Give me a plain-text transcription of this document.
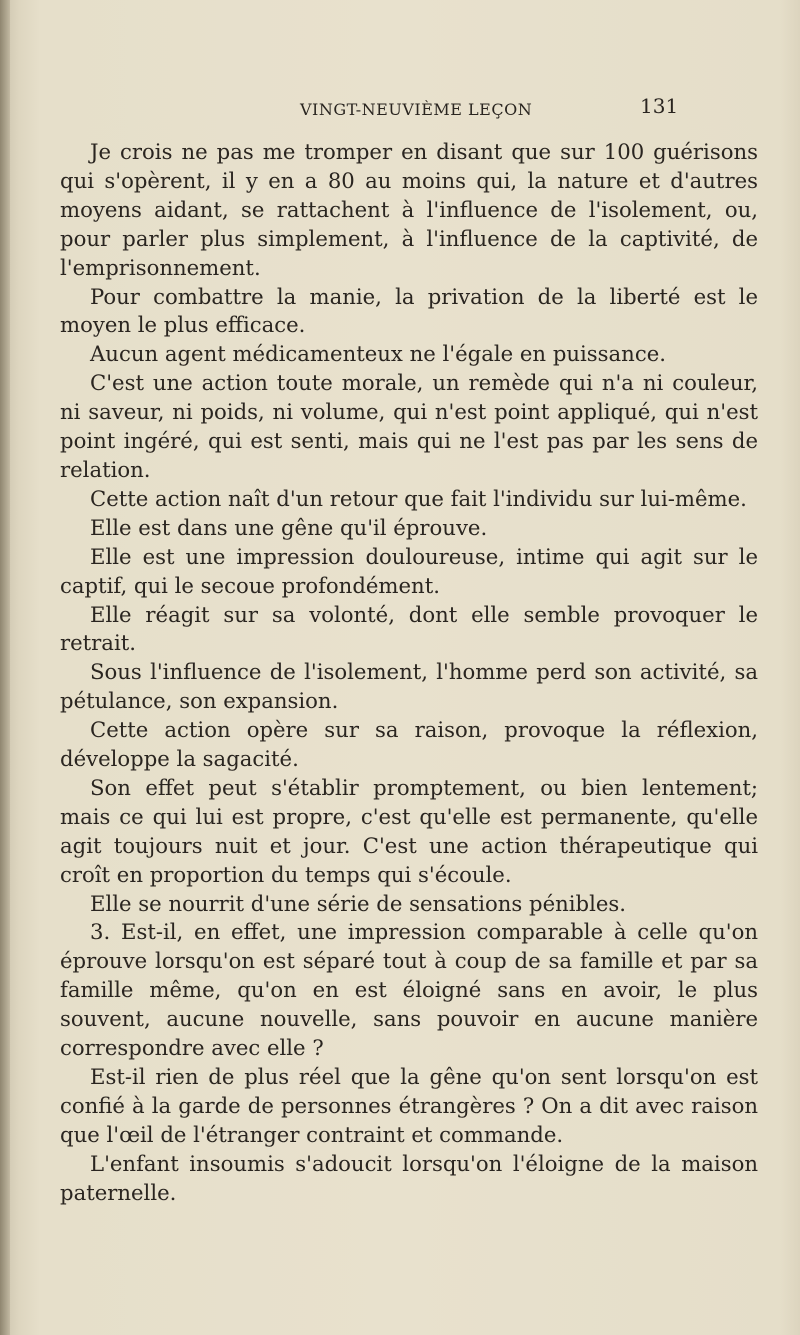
VINGT-NEUVIÈME LEÇON	131

Je crois ne pas me tromper en disant que sur 100 guérisons qui s'opèrent, il y en a 80 au moins qui, la nature et d'autres moyens aidant, se rattachent à l'influence de l'isolement, ou, pour parler plus simplement, à l'influence de la captivité, de l'emprisonnement.

Pour combattre la manie, la privation de la liberté est le moyen le plus efficace.

Aucun agent médicamenteux ne l'égale en puissance.

C'est une action toute morale, un remède qui n'a ni couleur, ni saveur, ni poids, ni volume, qui n'est point appliqué, qui n'est point ingéré, qui est senti, mais qui ne l'est pas par les sens de relation.

Cette action naît d'un retour que fait l'individu sur lui-même.

Elle est dans une gêne qu'il éprouve.

Elle est une impression douloureuse, intime qui agit sur le captif, qui le secoue profondément.

Elle réagit sur sa volonté, dont elle semble provoquer le retrait.

Sous l'influence de l'isolement, l'homme perd son activité, sa pétulance, son expansion.

Cette action opère sur sa raison, provoque la réflexion, développe la sagacité.

Son effet peut s'établir promptement, ou bien lentement; mais ce qui lui est propre, c'est qu'elle est permanente, qu'elle agit toujours nuit et jour. C'est une action thérapeutique qui croît en proportion du temps qui s'écoule.

Elle se nourrit d'une série de sensations pénibles.

3. Est-il, en effet, une impression comparable à celle qu'on éprouve lorsqu'on est séparé tout à coup de sa famille et par sa famille même, qu'on en est éloigné sans en avoir, le plus souvent, aucune nouvelle, sans pouvoir en aucune manière correspondre avec elle ?

Est-il rien de plus réel que la gêne qu'on sent lorsqu'on est confié à la garde de personnes étrangères ? On a dit avec raison que l'œil de l'étranger contraint et commande.

L'enfant insoumis s'adoucit lorsqu'on l'éloigne de la maison paternelle.
